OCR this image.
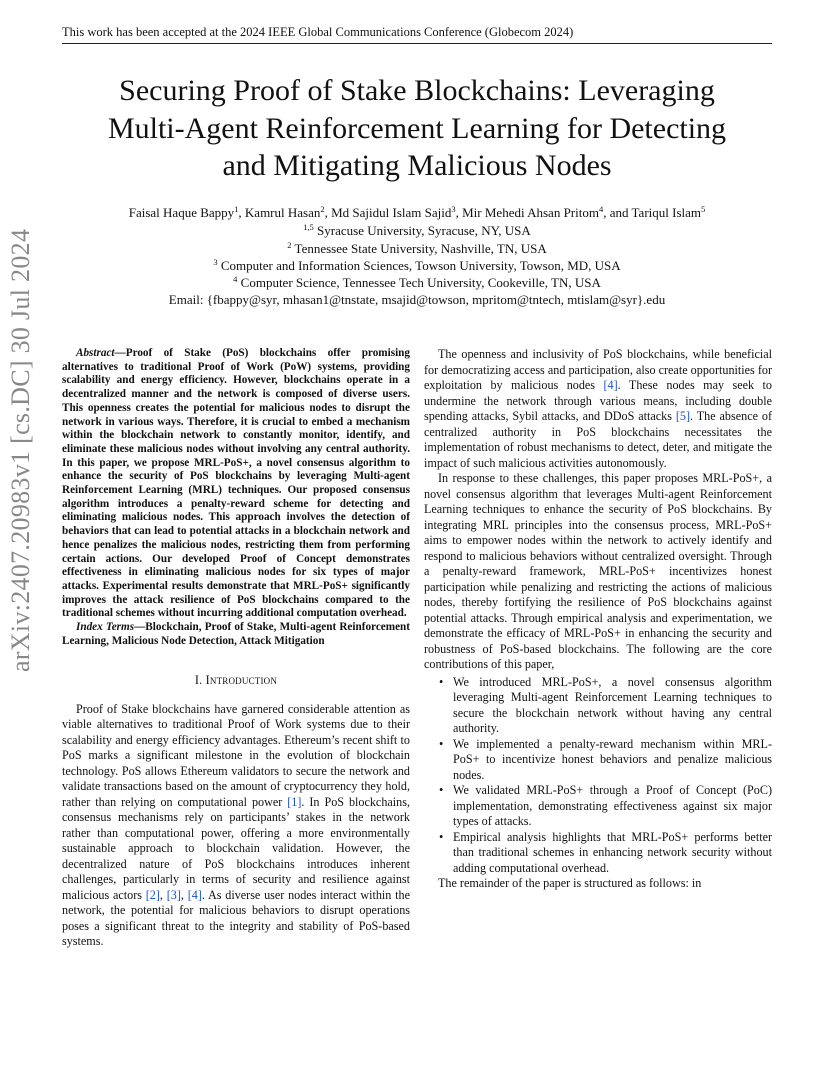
This work has been accepted at the 2024 IEEE Global Communications Conference (Globecom 2024)
arXiv:2407.20983v1 [cs.DC] 30 Jul 2024
Securing Proof of Stake Blockchains: Leveraging
Multi-Agent Reinforcement Learning for Detecting
and Mitigating Malicious Nodes
Faisal Haque Bappy$^1$, Kamrul Hasan$^2$, Md Sajidul Islam Sajid$^3$, Mir Mehedi Ahsan Pritom$^4$, and Tariqul Islam$^5$
$^{1,5}$ Syracuse University, Syracuse, NY, USA
$^2$ Tennessee State University, Nashville, TN, USA
$^3$ Computer and Information Sciences, Towson University, Towson, MD, USA
$^4$ Computer Science, Tennessee Tech University, Cookeville, TN, USA
Email: {fbappy@syr, mhasan1@tnstate, msajid@towson, mpritom@tntech, mtislam@syr}.edu

Abstract—Proof of Stake (PoS) blockchains offer promising alternatives to traditional Proof of Work (PoW) systems, providing scalability and energy efficiency. However, blockchains operate in a decentralized manner and the network is composed of diverse users. This openness creates the potential for malicious nodes to disrupt the network in various ways. Therefore, it is crucial to embed a mechanism within the blockchain network to constantly monitor, identify, and eliminate these malicious nodes without involving any central authority. In this paper, we propose MRL-PoS+, a novel consensus algorithm to enhance the security of PoS blockchains by leveraging Multi-agent Reinforcement Learning (MRL) techniques. Our proposed consensus algorithm introduces a penalty-reward scheme for detecting and eliminating malicious nodes. This approach involves the detection of behaviors that can lead to potential attacks in a blockchain network and hence penalizes the malicious nodes, restricting them from performing certain actions. Our developed Proof of Concept demonstrates effectiveness in eliminating malicious nodes for six types of major attacks. Experimental results demonstrate that MRL-PoS+ significantly improves the attack resilience of PoS blockchains compared to the traditional schemes without incurring additional computation overhead.

Index Terms—Blockchain, Proof of Stake, Multi-agent Reinforcement Learning, Malicious Node Detection, Attack Mitigation

I. Introduction

Proof of Stake blockchains have garnered considerable attention as viable alternatives to traditional Proof of Work systems due to their scalability and energy efficiency advantages. Ethereum’s recent shift to PoS marks a significant milestone in the evolution of blockchain technology. PoS allows Ethereum validators to secure the network and validate transactions based on the amount of cryptocurrency they hold, rather than relying on computational power [1]. In PoS blockchains, consensus mechanisms rely on participants’ stakes in the network rather than computational power, offering a more environmentally sustainable approach to blockchain validation. However, the decentralized nature of PoS blockchains introduces inherent challenges, particularly in terms of security and resilience against malicious actors [2], [3], [4]. As diverse user nodes interact within the network, the potential for malicious behaviors to disrupt operations poses a significant threat to the integrity and stability of PoS-based systems.

The openness and inclusivity of PoS blockchains, while beneficial for democratizing access and participation, also create opportunities for exploitation by malicious nodes [4]. These nodes may seek to undermine the network through various means, including double spending attacks, Sybil attacks, and DDoS attacks [5]. The absence of centralized authority in PoS blockchains necessitates the implementation of robust mechanisms to detect, deter, and mitigate the impact of such malicious activities autonomously.

In response to these challenges, this paper proposes MRL-PoS+, a novel consensus algorithm that leverages Multi-agent Reinforcement Learning techniques to enhance the security of PoS blockchains. By integrating MRL principles into the consensus process, MRL-PoS+ aims to empower nodes within the network to actively identify and respond to malicious behaviors without centralized oversight. Through a penalty-reward framework, MRL-PoS+ incentivizes honest participation while penalizing and restricting the actions of malicious nodes, thereby fortifying the resilience of PoS blockchains against potential attacks. Through empirical analysis and experimentation, we demonstrate the efficacy of MRL-PoS+ in enhancing the security and robustness of PoS-based blockchains. The following are the core contributions of this paper,

• We introduced MRL-PoS+, a novel consensus algorithm leveraging Multi-agent Reinforcement Learning techniques to secure the blockchain network without having any central authority.
• We implemented a penalty-reward mechanism within MRL-PoS+ to incentivize honest behaviors and penalize malicious nodes.
• We validated MRL-PoS+ through a Proof of Concept (PoC) implementation, demonstrating effectiveness against six major types of attacks.
• Empirical analysis highlights that MRL-PoS+ performs better than traditional schemes in enhancing network security without adding computational overhead.

The remainder of the paper is structured as follows: in
